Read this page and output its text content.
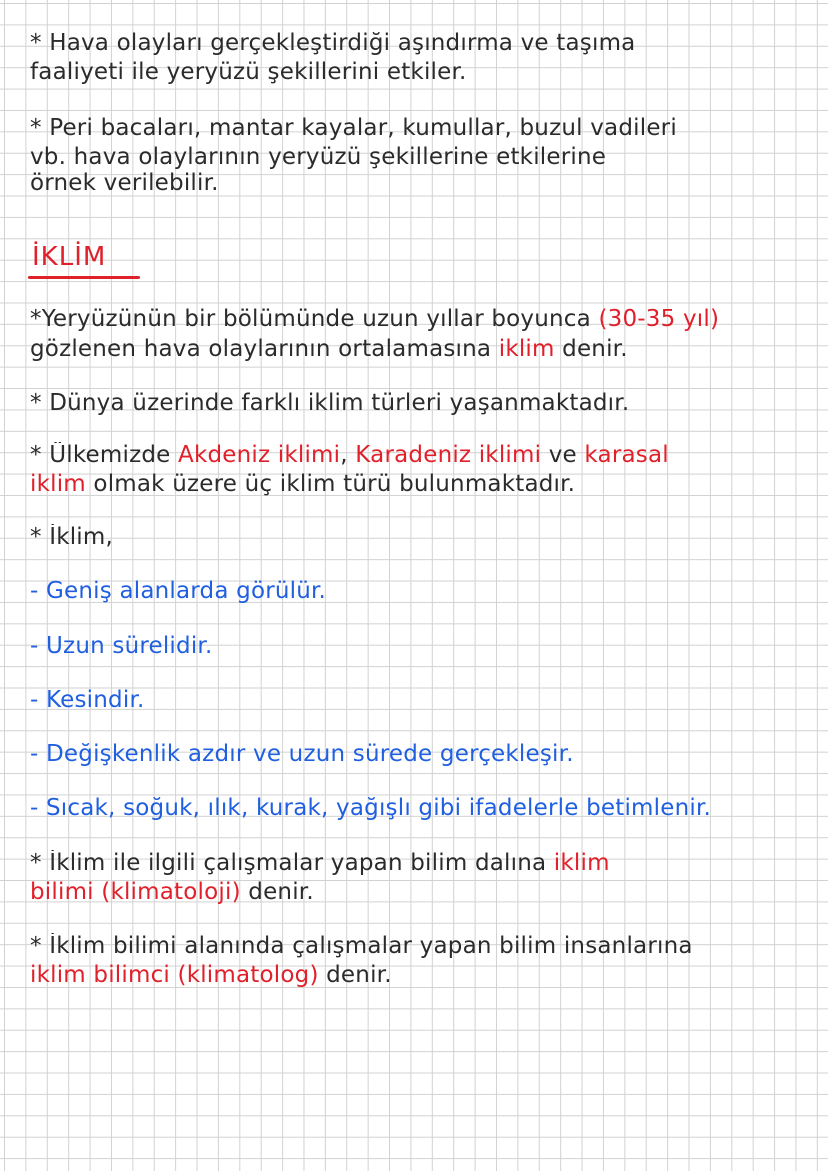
* Hava olayları gerçekleştirdiği aşındırma ve taşıma
faaliyeti ile yeryüzü şekillerini etkiler.
* Peri bacaları, mantar kayalar, kumullar, buzul vadileri
vb. hava olaylarının yeryüzü şekillerine etkilerine
örnek verilebilir.
İKLİM
*Yeryüzünün bir bölümünde uzun yıllar boyunca (30-35 yıl)
gözlenen hava olaylarının ortalamasına iklim denir.
* Dünya üzerinde farklı iklim türleri yaşanmaktadır.
* Ülkemizde Akdeniz iklimi, Karadeniz iklimi ve karasal
iklim olmak üzere üç iklim türü bulunmaktadır.
* İklim,
- Geniş alanlarda görülür.
- Uzun sürelidir.
- Kesindir.
- Değişkenlik azdır ve uzun sürede gerçekleşir.
- Sıcak, soğuk, ılık, kurak, yağışlı gibi ifadelerle betimlenir.
* İklim ile ilgili çalışmalar yapan bilim dalına iklim
bilimi (klimatoloji) denir.
* İklim bilimi alanında çalışmalar yapan bilim insanlarına
iklim bilimci (klimatolog) denir.
